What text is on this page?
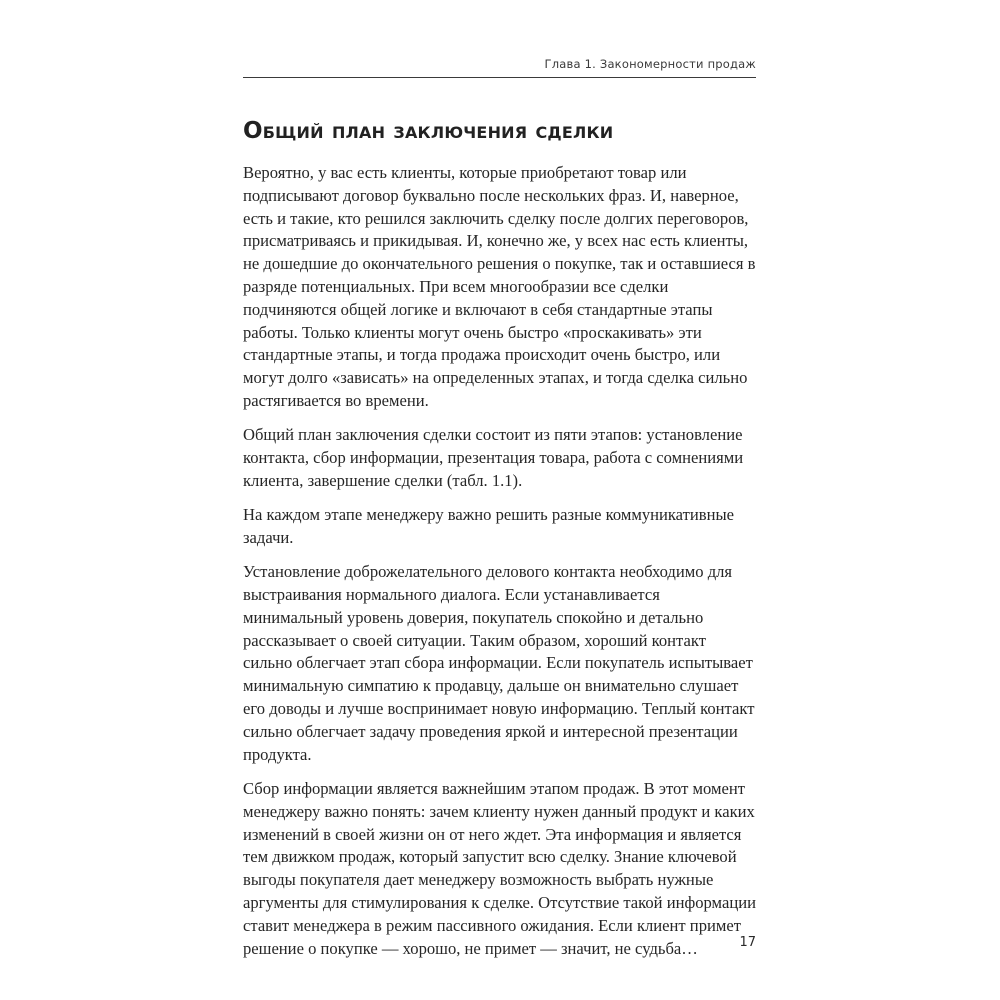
Глава 1. Закономерности продаж
Общий план заключения сделки

Вероятно, у вас есть клиенты, которые приобретают товар или подписывают договор буквально после нескольких фраз. И, наверное, есть и такие, кто решился заключить сделку после долгих переговоров, присматриваясь и прикидывая. И, конечно же, у всех нас есть клиенты, не дошедшие до окончательного решения о покупке, так и оставшиеся в разряде потенциальных. При всем многообразии все сделки подчиняются общей логике и включают в себя стандартные этапы работы. Только клиенты могут очень быстро «проскакивать» эти стандартные этапы, и тогда продажа происходит очень быстро, или могут долго «зависать» на определенных этапах, и тогда сделка сильно растягивается во времени.

Общий план заключения сделки состоит из пяти этапов: установление контакта, сбор информации, презентация товара, работа с сомнениями клиента, завершение сделки (табл. 1.1).

На каждом этапе менеджеру важно решить разные коммуникативные задачи.

Установление доброжелательного делового контакта необходимо для выстраивания нормального диалога. Если устанавливается минимальный уровень доверия, покупатель спокойно и детально рассказывает о своей ситуации. Таким образом, хороший контакт сильно облегчает этап сбора информации. Если покупатель испытывает минимальную симпатию к продавцу, дальше он внимательно слушает его доводы и лучше воспринимает новую информацию. Теплый контакт сильно облегчает задачу проведения яркой и интересной презентации продукта.

Сбор информации является важнейшим этапом продаж. В этот момент менеджеру важно понять: зачем клиенту нужен данный продукт и каких изменений в своей жизни он от него ждет. Эта информация и является тем движком продаж, который запустит всю сделку. Знание ключевой выгоды покупателя дает менеджеру возможность выбрать нужные аргументы для стимулирования к сделке. Отсутствие такой информации ставит менеджера в режим пассивного ожидания. Если клиент примет решение о покупке — хорошо, не примет — значит, не судьба…	17
